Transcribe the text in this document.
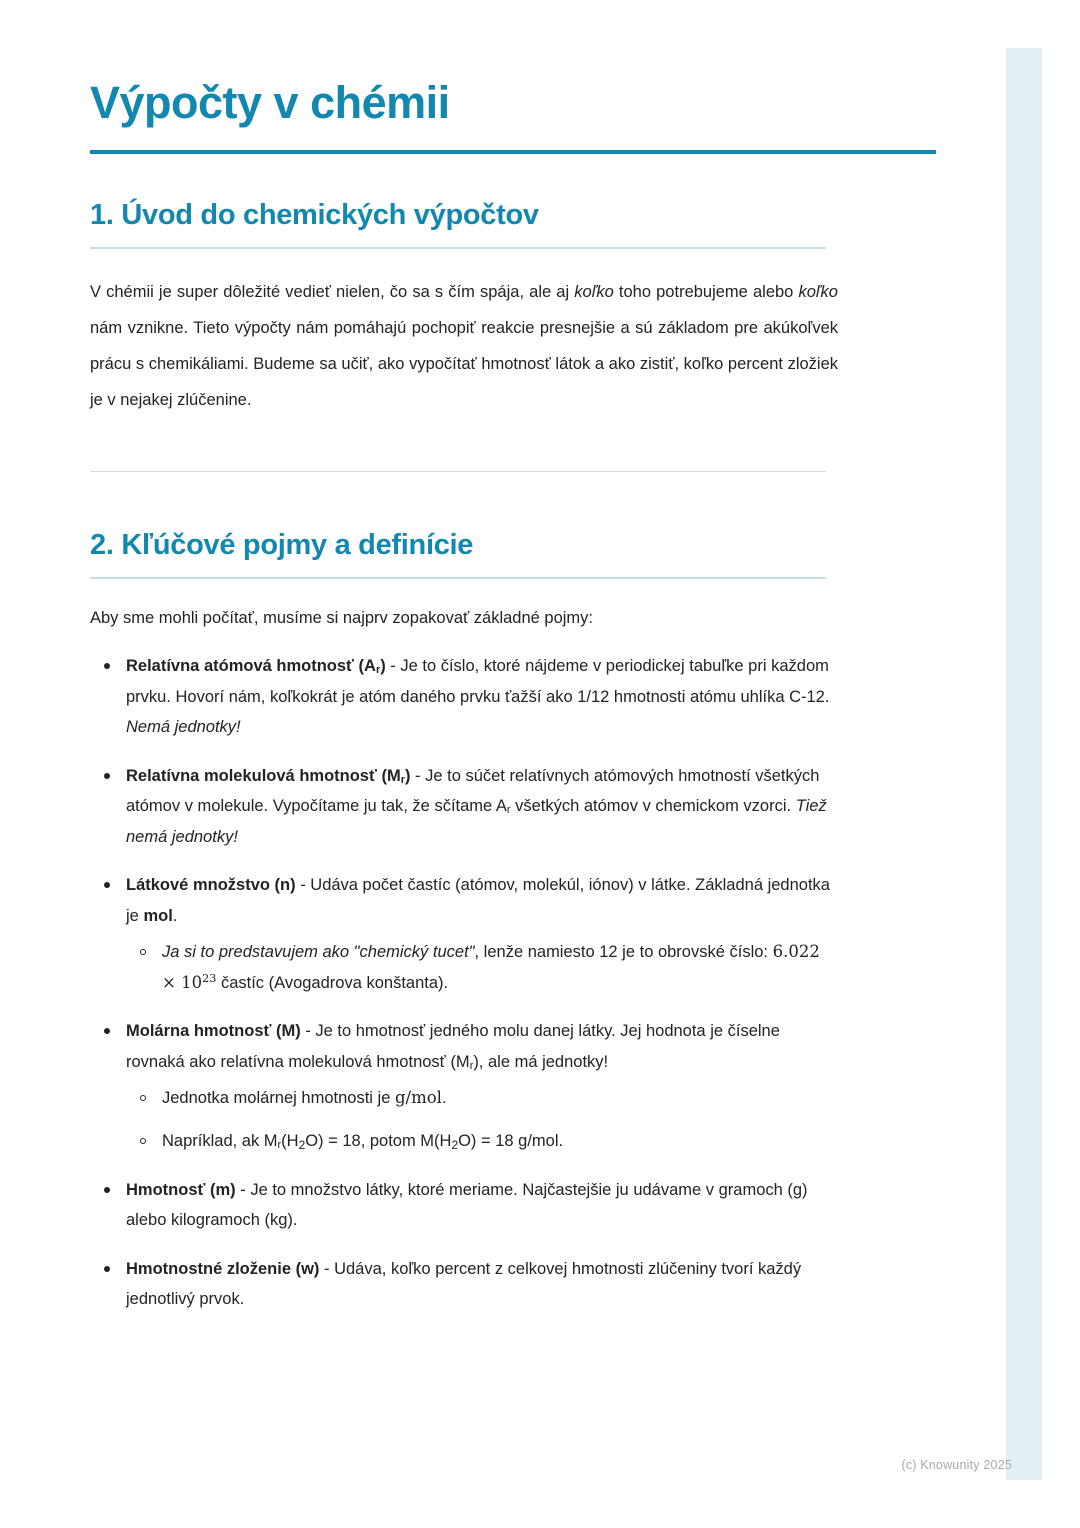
Výpočty v chémii
1. Úvod do chemických výpočtov

V chémii je super dôležité vedieť nielen, čo sa s čím spája, ale aj koľko toho potrebujeme alebo koľko nám vznikne. Tieto výpočty nám pomáhajú pochopiť reakcie presnejšie a sú základom pre akúkoľvek prácu s chemikáliami. Budeme sa učiť, ako vypočítať hmotnosť látok a ako zistiť, koľko percent zložiek je v nejakej zlúčenine.

2. Kľúčové pojmy a definície

Aby sme mohli počítať, musíme si najprv zopakovať základné pojmy:

Relatívna atómová hmotnosť (Ar) - Je to číslo, ktoré nájdeme v periodickej tabuľke pri každom prvku. Hovorí nám, koľkokrát je atóm daného prvku ťažší ako 1/12 hmotnosti atómu uhlíka C-12. Nemá jednotky!
Relatívna molekulová hmotnosť (Mr) - Je to súčet relatívnych atómových hmotností všetkých atómov v molekule. Vypočítame ju tak, že sčítame Ar všetkých atómov v chemickom vzorci. Tiež nemá jednotky!
Látkové množstvo (n) - Udáva počet častíc (atómov, molekúl, iónov) v látke. Základná jednotka je mol.
Ja si to predstavujem ako "chemický tucet", lenže namiesto 12 je to obrovské číslo: $6.022 \times 10^{23}$ častíc (Avogadrova konštanta).
Molárna hmotnosť (M) - Je to hmotnosť jedného molu danej látky. Jej hodnota je číselne rovnaká ako relatívna molekulová hmotnosť (Mr), ale má jednotky!
Jednotka molárnej hmotnosti je g/mol.
Napríklad, ak $Mr(H_2O) = 18$, potom $M(H_2O) = 18$ g/mol.
Hmotnosť (m) - Je to množstvo látky, ktoré meriame. Najčastejšie ju udávame v gramoch (g) alebo kilogramoch (kg).
Hmotnostné zloženie (w) - Udáva, koľko percent z celkovej hmotnosti zlúčeniny tvorí každý jednotlivý prvok.
(c) Knowunity 2025
